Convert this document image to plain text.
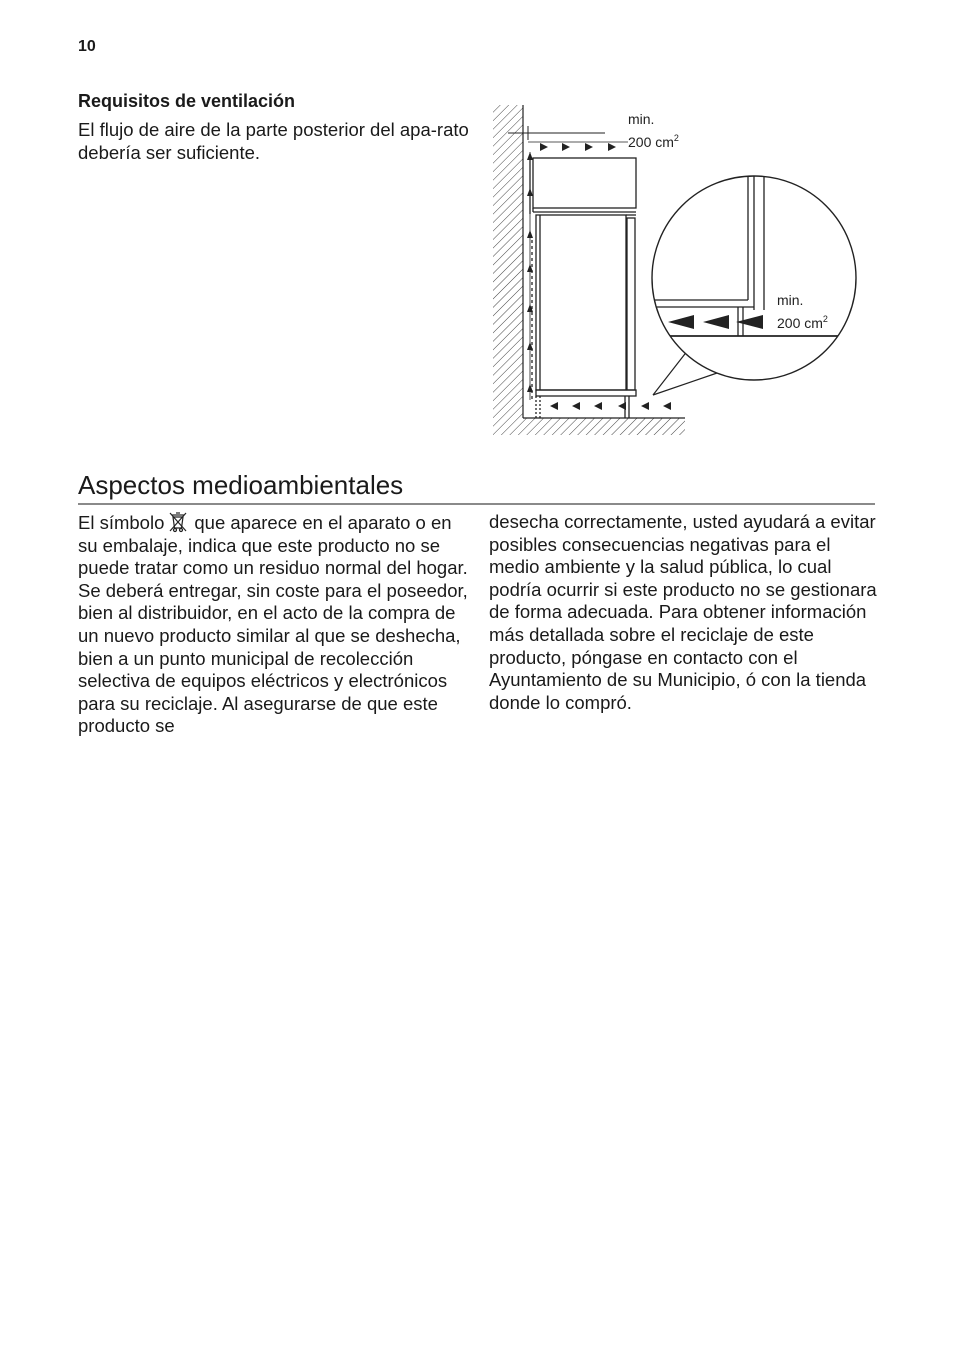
10
Requisitos de ventilación

El flujo de aire de la parte posterior del apa-rato debería ser suficiente.

min.
200 $cm^2$
min.
200 $cm^2$
Aspectos medioambientales

El símbolo que aparece en el aparato o en su embalaje, indica que este producto no se puede tratar como un residuo normal del hogar. Se deberá entregar, sin coste para el poseedor, bien al distribuidor, en el acto de la compra de un nuevo producto similar al que se deshecha, bien a un punto municipal de recolección selectiva de equipos eléctricos y electrónicos para su reciclaje. Al asegurarse de que este producto se

desecha correctamente, usted ayudará a evitar posibles consecuencias negativas para el medio ambiente y la salud pública, lo cual podría ocurrir si este producto no se gestionara de forma adecuada. Para obtener información más detallada sobre el reciclaje de este producto, póngase en contacto con el Ayuntamiento de su Municipio, ó con la tienda donde lo compró.
